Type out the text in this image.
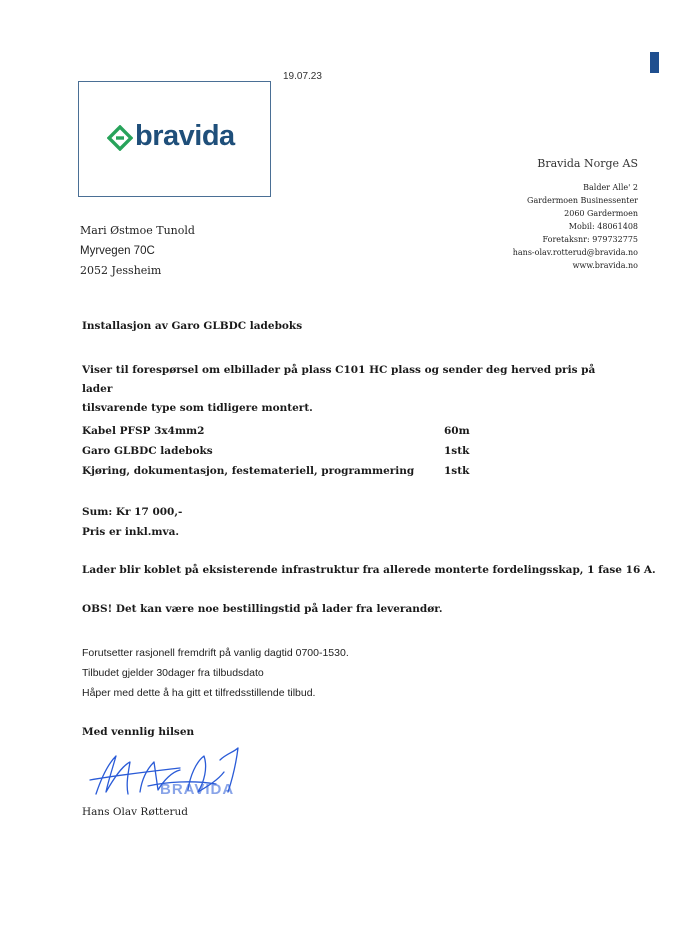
19.07.23
bravida
Bravida Norge AS
Balder Alle' 2
Gardermoen Businessenter
2060 Gardermoen
Mobil: 48061408
Foretaksnr: 979732775
hans-olav.rotterud@bravida.no
www.bravida.no
Mari Østmoe Tunold
Myrvegen 70C
2052 Jessheim
Installasjon av Garo GLBDC ladeboks
Viser til forespørsel om elbillader på plass C101 HC plass og sender deg herved pris på lader
tilsvarende type som tidligere montert.
Kabel PFSP 3x4mm2	60m
Garo GLBDC ladeboks	1stk
Kjøring, dokumentasjon, festemateriell, programmering	1stk
Sum: Kr 17 000,-
Pris er inkl.mva.
Lader blir koblet på eksisterende infrastruktur fra allerede monterte fordelingsskap, 1 fase 16 A.
OBS! Det kan være noe bestillingstid på lader fra leverandør.
Forutsetter rasjonell fremdrift på vanlig dagtid 0700-1530.
Tilbudet gjelder 30dager fra tilbudsdato
Håper med dette å ha gitt et tilfredsstillende tilbud.
Med vennlig hilsen
BRAVIDA
Hans Olav Røtterud
